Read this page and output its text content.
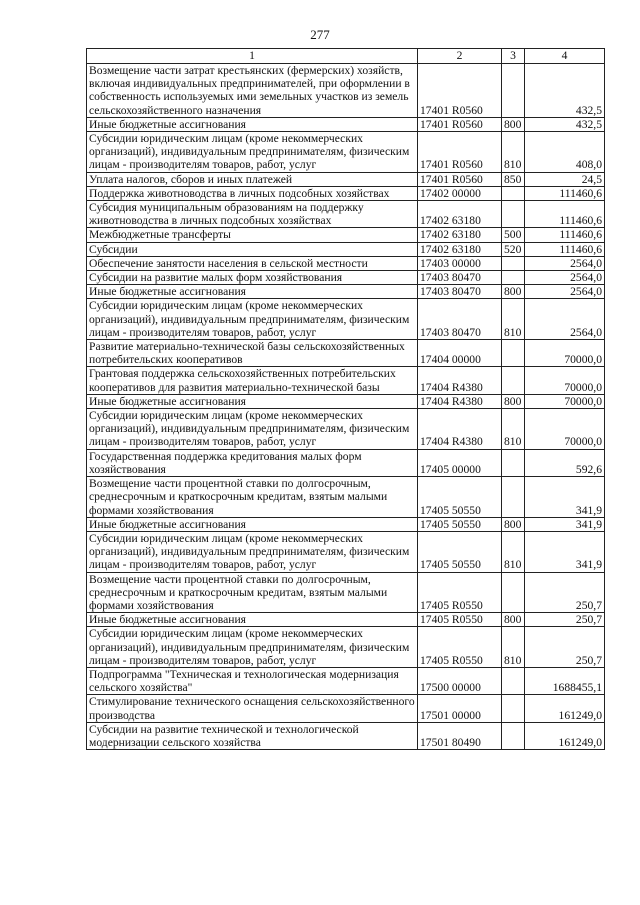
277
1	2	3	4
Возмещение части затрат крестьянских (фермерских) хозяйств, включая индивидуальных предпринимателей, при оформлении в собственность используемых ими земельных участков из земель сельскохозяйственного назначения	17401 R0560		432,5
Иные бюджетные ассигнования	17401 R0560	800	432,5
Субсидии юридическим лицам (кроме некоммерческих организаций), индивидуальным предпринимателям, физическим лицам - производителям товаров, работ, услуг	17401 R0560	810	408,0
Уплата налогов, сборов и иных платежей	17401 R0560	850	24,5
Поддержка животноводства в личных подсобных хозяйствах	17402 00000		111460,6
Субсидия муниципальным образованиям на поддержку животноводства в личных подсобных хозяйствах	17402 63180		111460,6
Межбюджетные трансферты	17402 63180	500	111460,6
Субсидии	17402 63180	520	111460,6
Обеспечение занятости населения в сельской местности	17403 00000		2564,0
Субсидии на развитие малых форм хозяйствования	17403 80470		2564,0
Иные бюджетные ассигнования	17403 80470	800	2564,0
Субсидии юридическим лицам (кроме некоммерческих организаций), индивидуальным предпринимателям, физическим лицам - производителям товаров, работ, услуг	17403 80470	810	2564,0
Развитие материально-технической базы сельскохозяйственных потребительских кооперативов	17404 00000		70000,0
Грантовая поддержка сельскохозяйственных потребительских кооперативов для развития материально-технической базы	17404 R4380		70000,0
Иные бюджетные ассигнования	17404 R4380	800	70000,0
Субсидии юридическим лицам (кроме некоммерческих организаций), индивидуальным предпринимателям, физическим лицам - производителям товаров, работ, услуг	17404 R4380	810	70000,0
Государственная поддержка кредитования малых форм хозяйствования	17405 00000		592,6
Возмещение части процентной ставки по долгосрочным, среднесрочным и краткосрочным кредитам, взятым малыми формами хозяйствования	17405 50550		341,9
Иные бюджетные ассигнования	17405 50550	800	341,9
Субсидии юридическим лицам (кроме некоммерческих организаций), индивидуальным предпринимателям, физическим лицам - производителям товаров, работ, услуг	17405 50550	810	341,9
Возмещение части процентной ставки по долгосрочным, среднесрочным и краткосрочным кредитам, взятым малыми формами хозяйствования	17405 R0550		250,7
Иные бюджетные ассигнования	17405 R0550	800	250,7
Субсидии юридическим лицам (кроме некоммерческих организаций), индивидуальным предпринимателям, физическим лицам - производителям товаров, работ, услуг	17405 R0550	810	250,7
Подпрограмма "Техническая и технологическая модернизация сельского хозяйства"	17500 00000		1688455,1
Стимулирование технического оснащения сельскохозяйственного производства	17501 00000		161249,0
Субсидии на развитие технической и технологической модернизации сельского хозяйства	17501 80490		161249,0
